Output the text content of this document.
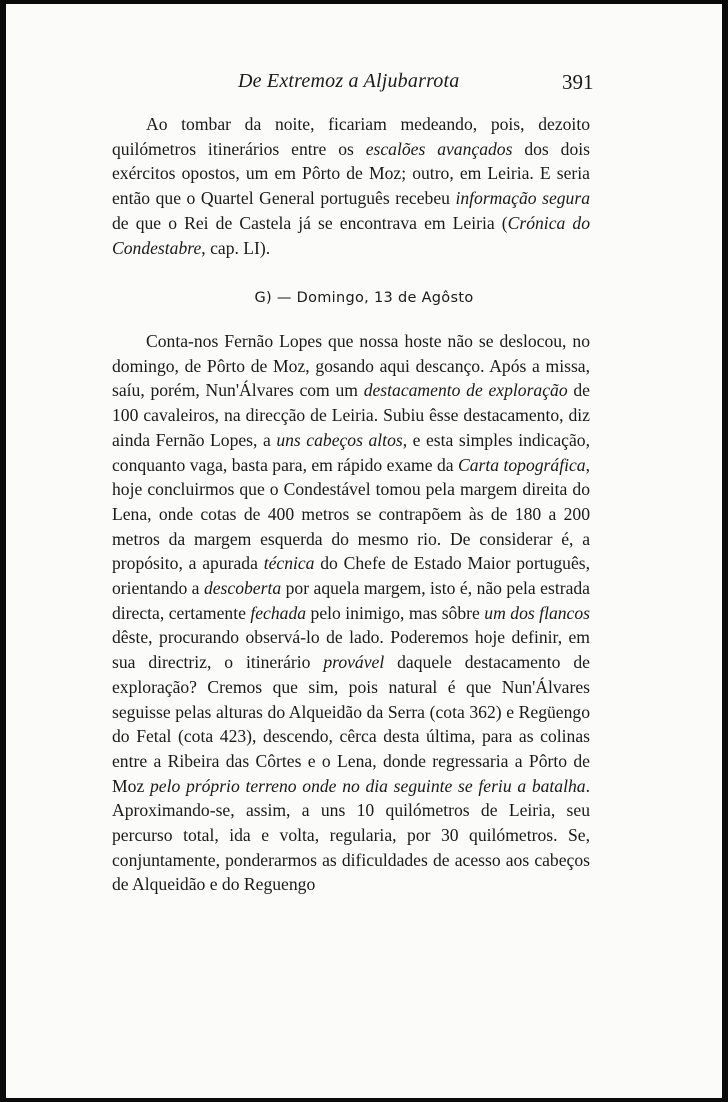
De Extremoz a Aljubarrota	391

Ao tombar da noite, ficariam medeando, pois, dezoito quilómetros itinerários entre os escalões avançados dos dois exércitos opostos, um em Pôrto de Moz; outro, em Leiria. E seria então que o Quartel General português recebeu informação segura de que o Rei de Castela já se encontrava em Leiria (Crónica do Condestabre, cap. LI).

G) — Domingo, 13 de Agôsto

Conta-nos Fernão Lopes que nossa hoste não se deslocou, no domingo, de Pôrto de Moz, gosando aqui descanço. Após a missa, saíu, porém, Nun'Álvares com um destacamento de exploração de 100 cavaleiros, na direcção de Leiria. Subiu êsse destacamento, diz ainda Fernão Lopes, a uns cabeços altos, e esta simples indicação, conquanto vaga, basta para, em rápido exame da Carta topográfica, hoje concluirmos que o Condestável tomou pela margem direita do Lena, onde cotas de 400 metros se contrapõem às de 180 a 200 metros da margem esquerda do mesmo rio. De considerar é, a propósito, a apurada técnica do Chefe de Estado Maior português, orientando a descoberta por aquela margem, isto é, não pela estrada directa, certamente fechada pelo inimigo, mas sôbre um dos flancos dêste, procurando observá-lo de lado. Poderemos hoje definir, em sua directriz, o itinerário provável daquele destacamento de exploração? Cremos que sim, pois natural é que Nun'Álvares seguisse pelas alturas do Alqueidão da Serra (cota 362) e Regüengo do Fetal (cota 423), descendo, cêrca desta última, para as colinas entre a Ribeira das Côrtes e o Lena, donde regressaria a Pôrto de Moz pelo próprio terreno onde no dia seguinte se feriu a batalha. Aproximando-se, assim, a uns 10 quilómetros de Leiria, seu percurso total, ida e volta, regularia, por 30 quilómetros. Se, conjuntamente, ponderarmos as dificuldades de acesso aos cabeços de Alqueidão e do Reguengo
